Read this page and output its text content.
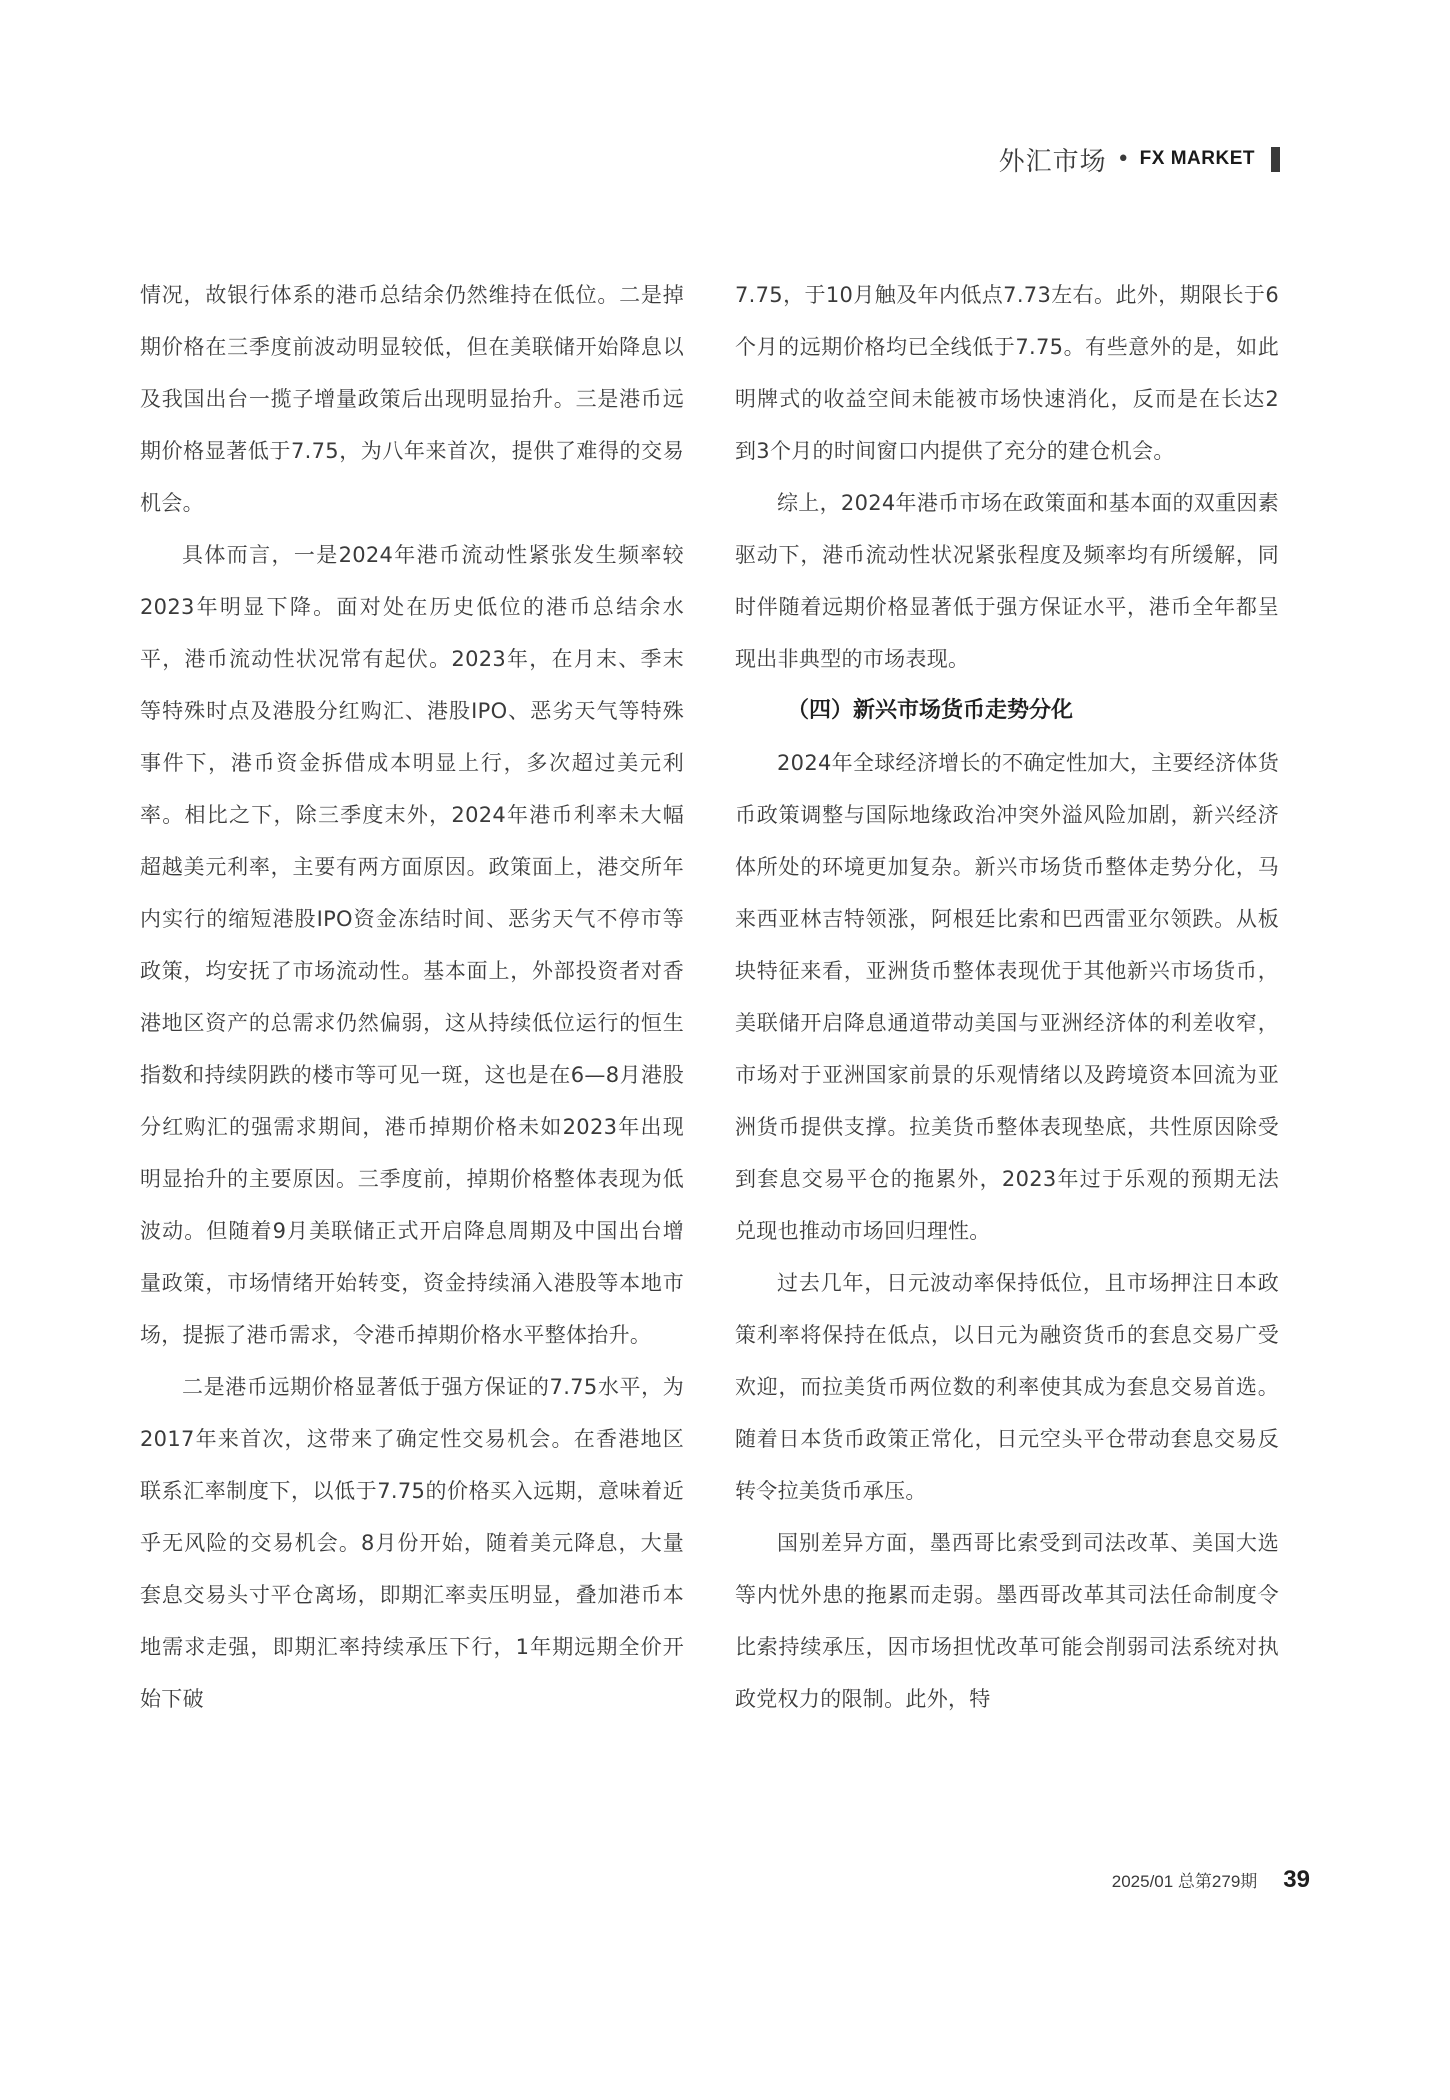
外汇市场 • FX MARKET

情况，故银行体系的港币总结余仍然维持在低位。二是掉期价格在三季度前波动明显较低，但在美联储开始降息以及我国出台一揽子增量政策后出现明显抬升。三是港币远期价格显著低于7.75，为八年来首次，提供了难得的交易机会。

具体而言，一是2024年港币流动性紧张发生频率较2023年明显下降。面对处在历史低位的港币总结余水平，港币流动性状况常有起伏。2023年，在月末、季末等特殊时点及港股分红购汇、港股IPO、恶劣天气等特殊事件下，港币资金拆借成本明显上行，多次超过美元利率。相比之下，除三季度末外，2024年港币利率未大幅超越美元利率，主要有两方面原因。政策面上，港交所年内实行的缩短港股IPO资金冻结时间、恶劣天气不停市等政策，均安抚了市场流动性。基本面上，外部投资者对香港地区资产的总需求仍然偏弱，这从持续低位运行的恒生指数和持续阴跌的楼市等可见一斑，这也是在6—8月港股分红购汇的强需求期间，港币掉期价格未如2023年出现明显抬升的主要原因。三季度前，掉期价格整体表现为低波动。但随着9月美联储正式开启降息周期及中国出台增量政策，市场情绪开始转变，资金持续涌入港股等本地市场，提振了港币需求，令港币掉期价格水平整体抬升。

二是港币远期价格显著低于强方保证的7.75水平，为2017年来首次，这带来了确定性交易机会。在香港地区联系汇率制度下，以低于7.75的价格买入远期，意味着近乎无风险的交易机会。8月份开始，随着美元降息，大量套息交易头寸平仓离场，即期汇率卖压明显，叠加港币本地需求走强，即期汇率持续承压下行，1年期远期全价开始下破

7.75，于10月触及年内低点7.73左右。此外，期限长于6个月的远期价格均已全线低于7.75。有些意外的是，如此明牌式的收益空间未能被市场快速消化，反而是在长达2到3个月的时间窗口内提供了充分的建仓机会。

综上，2024年港币市场在政策面和基本面的双重因素驱动下，港币流动性状况紧张程度及频率均有所缓解，同时伴随着远期价格显著低于强方保证水平，港币全年都呈现出非典型的市场表现。

（四）新兴市场货币走势分化

2024年全球经济增长的不确定性加大，主要经济体货币政策调整与国际地缘政治冲突外溢风险加剧，新兴经济体所处的环境更加复杂。新兴市场货币整体走势分化，马来西亚林吉特领涨，阿根廷比索和巴西雷亚尔领跌。从板块特征来看，亚洲货币整体表现优于其他新兴市场货币，美联储开启降息通道带动美国与亚洲经济体的利差收窄，市场对于亚洲国家前景的乐观情绪以及跨境资本回流为亚洲货币提供支撑。拉美货币整体表现垫底，共性原因除受到套息交易平仓的拖累外，2023年过于乐观的预期无法兑现也推动市场回归理性。

过去几年，日元波动率保持低位，且市场押注日本政策利率将保持在低点，以日元为融资货币的套息交易广受欢迎，而拉美货币两位数的利率使其成为套息交易首选。随着日本货币政策正常化，日元空头平仓带动套息交易反转令拉美货币承压。

国别差异方面，墨西哥比索受到司法改革、美国大选等内忧外患的拖累而走弱。墨西哥改革其司法任命制度令比索持续承压，因市场担忧改革可能会削弱司法系统对执政党权力的限制。此外，特

2025/01 总第279期 39
